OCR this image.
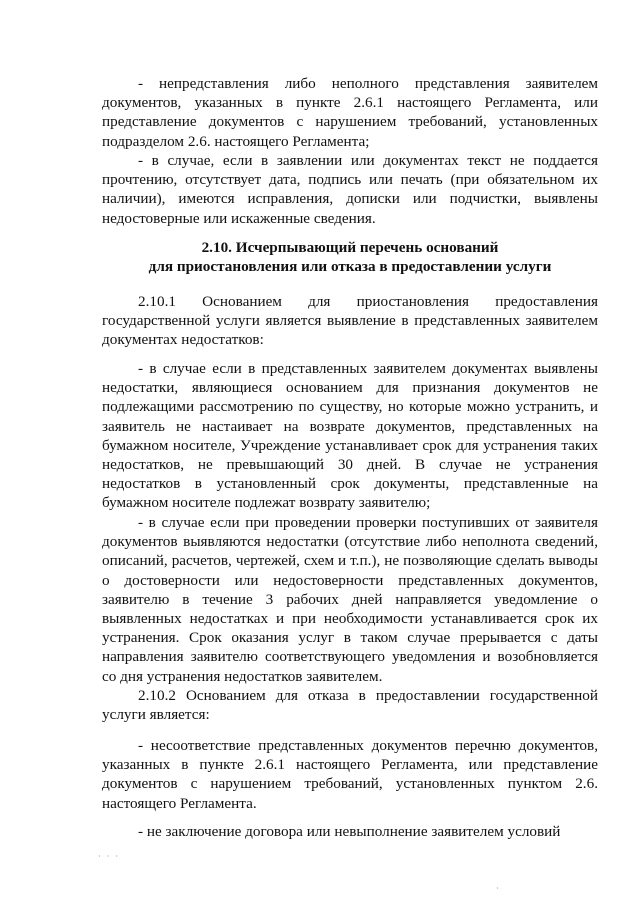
- непредставления либо неполного представления заявителем документов, указанных в пункте 2.6.1 настоящего Регламента, или представление документов с нарушением требований, установленных подразделом 2.6. настоящего Регламента;

- в случае, если в заявлении или документах текст не поддается прочтению, отсутствует дата, подпись или печать (при обязательном их наличии), имеются исправления, дописки или подчистки, выявлены недостоверные или искаженные сведения.

2.10. Исчерпывающий перечень оснований
для приостановления или отказа в предоставлении услуги

2.10.1 Основанием для приостановления предоставления государственной услуги является выявление в представленных заявителем документах недостатков:

- в случае если в представленных заявителем документах выявлены недостатки, являющиеся основанием для признания документов не подлежащими рассмотрению по существу, но которые можно устранить, и заявитель не настаивает на возврате документов, представленных на бумажном носителе, Учреждение устанавливает срок для устранения таких недостатков, не превышающий 30 дней. В случае не устранения недостатков в установленный срок документы, представленные на бумажном носителе подлежат возврату заявителю;

- в случае если при проведении проверки поступивших от заявителя документов выявляются недостатки (отсутствие либо неполнота сведений, описаний, расчетов, чертежей, схем и т.п.), не позволяющие сделать выводы о достоверности или недостоверности представленных документов, заявителю в течение 3 рабочих дней направляется уведомление о выявленных недостатках и при необходимости устанавливается срок их устранения. Срок оказания услуг в таком случае прерывается с даты направления заявителю соответствующего уведомления и возобновляется со дня устранения недостатков заявителем.

2.10.2 Основанием для отказа в предоставлении государственной услуги является:

- несоответствие представленных документов перечню документов, указанных в пункте 2.6.1 настоящего Регламента, или представление документов с нарушением требований, установленных пунктом 2.6. настоящего Регламента.

- не заключение договора или невыполнение заявителем условий

· · ·
·
